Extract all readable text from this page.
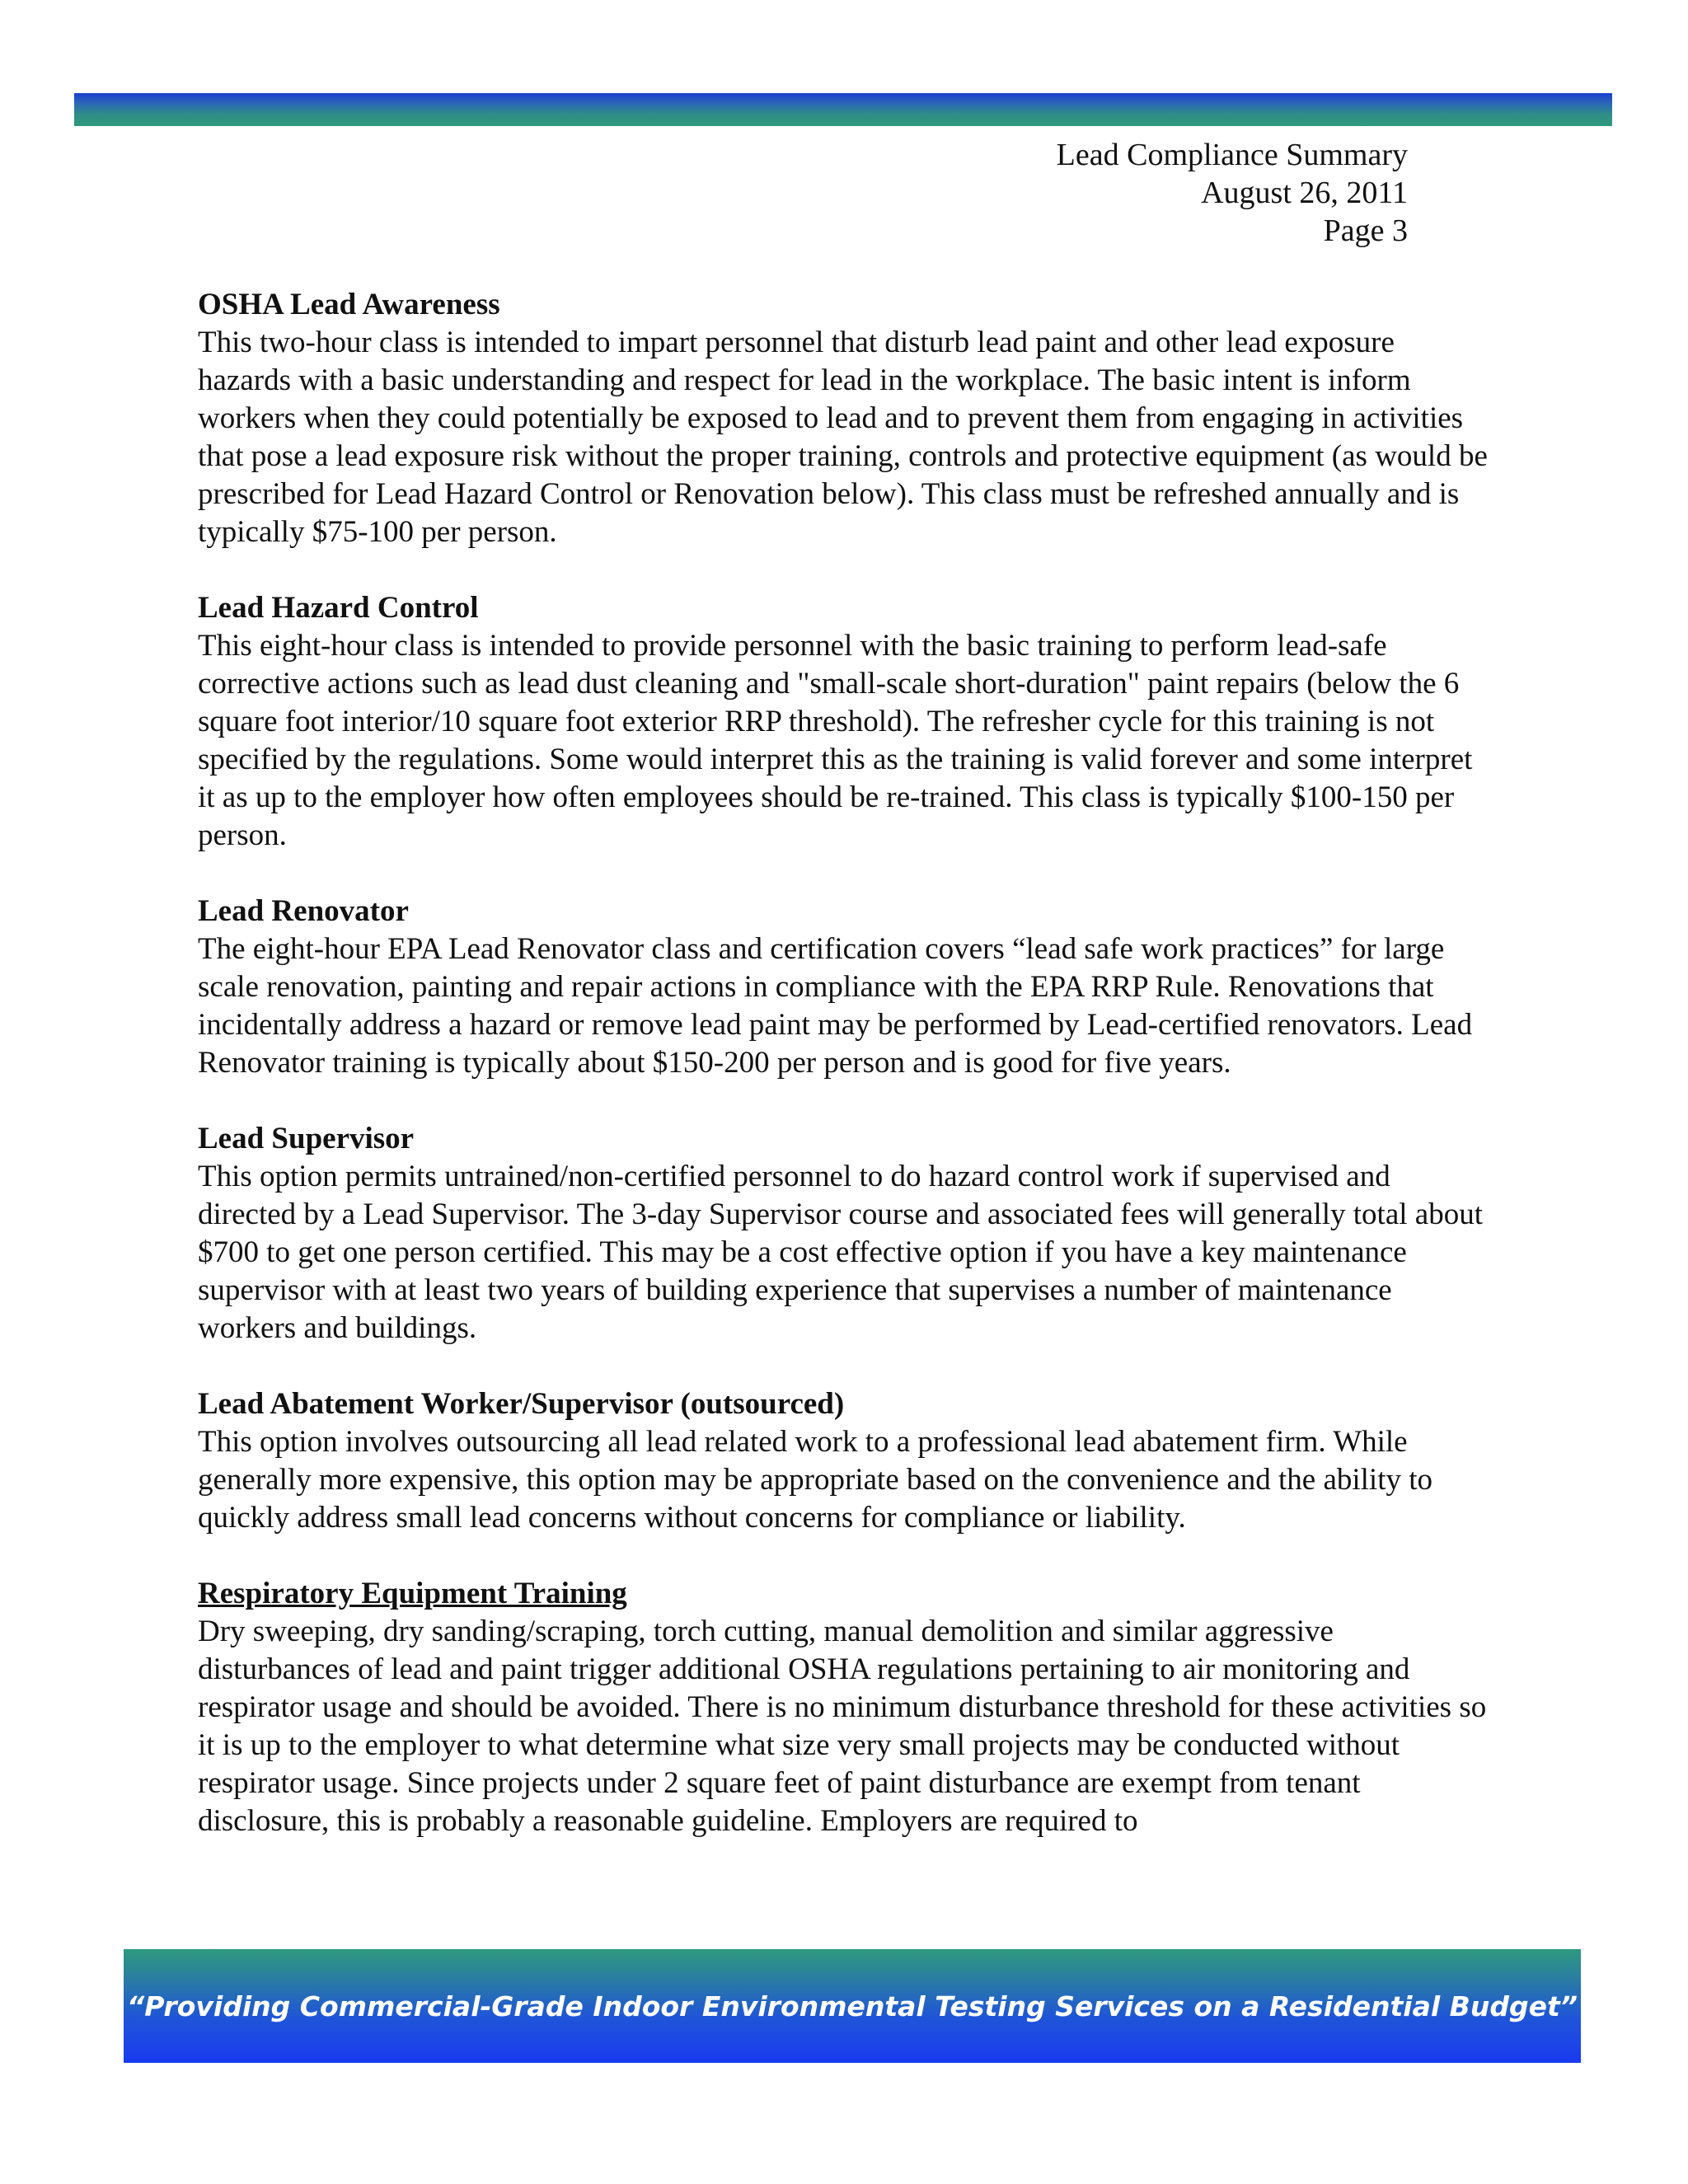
Lead Compliance Summary
August 26, 2011
Page 3
OSHA Lead Awareness

This two-hour class is intended to impart personnel that disturb lead paint and other lead exposure hazards with a basic understanding and respect for lead in the workplace. The basic intent is inform workers when they could potentially be exposed to lead and to prevent them from engaging in activities that pose a lead exposure risk without the proper training, controls and protective equipment (as would be prescribed for Lead Hazard Control or Renovation below). This class must be refreshed annually and is typically $75-100 per person.

Lead Hazard Control

This eight-hour class is intended to provide personnel with the basic training to perform lead-safe corrective actions such as lead dust cleaning and "small-scale short-duration" paint repairs (below the 6 square foot interior/10 square foot exterior RRP threshold). The refresher cycle for this training is not specified by the regulations. Some would interpret this as the training is valid forever and some interpret it as up to the employer how often employees should be re-trained. This class is typically $100-150 per person.

Lead Renovator

The eight-hour EPA Lead Renovator class and certification covers “lead safe work practices” for large scale renovation, painting and repair actions in compliance with the EPA RRP Rule. Renovations that incidentally address a hazard or remove lead paint may be performed by Lead-certified renovators. Lead Renovator training is typically about $150-200 per person and is good for five years.

Lead Supervisor

This option permits untrained/non-certified personnel to do hazard control work if supervised and directed by a Lead Supervisor. The 3-day Supervisor course and associated fees will generally total about $700 to get one person certified. This may be a cost effective option if you have a key maintenance supervisor with at least two years of building experience that supervises a number of maintenance workers and buildings.

Lead Abatement Worker/Supervisor (outsourced)

This option involves outsourcing all lead related work to a professional lead abatement firm. While generally more expensive, this option may be appropriate based on the convenience and the ability to quickly address small lead concerns without concerns for compliance or liability.

Respiratory Equipment Training

Dry sweeping, dry sanding/scraping, torch cutting, manual demolition and similar aggressive disturbances of lead and paint trigger additional OSHA regulations pertaining to air monitoring and respirator usage and should be avoided. There is no minimum disturbance threshold for these activities so it is up to the employer to what determine what size very small projects may be conducted without respirator usage. Since projects under 2 square feet of paint disturbance are exempt from tenant disclosure, this is probably a reasonable guideline. Employers are required to

“Providing Commercial-Grade Indoor Environmental Testing Services on a Residential Budget”
